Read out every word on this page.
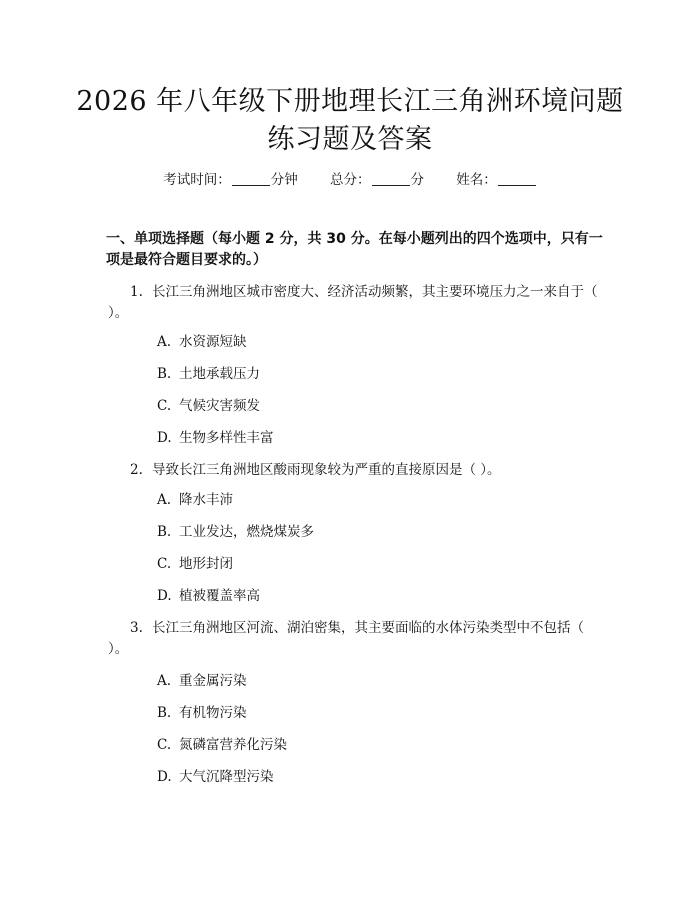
2026 年八年级下册地理长江三角洲环境问题
练习题及答案
考试时间：	分钟 总分：	分 姓名：
一、单项选择题（每小题 2 分，共 30 分。在每小题列出的四个选项中，只有一项是最符合题目要求的。）
1. 长江三角洲地区城市密度大、经济活动频繁，其主要环境压力之一来自于（ ）。
A. 水资源短缺
B. 土地承载压力
C. 气候灾害频发
D. 生物多样性丰富
2. 导致长江三角洲地区酸雨现象较为严重的直接原因是（ ）。
A. 降水丰沛
B. 工业发达，燃烧煤炭多
C. 地形封闭
D. 植被覆盖率高
3. 长江三角洲地区河流、湖泊密集，其主要面临的水体污染类型中不包括（ ）。
A. 重金属污染
B. 有机物污染
C. 氮磷富营养化污染
D. 大气沉降型污染
